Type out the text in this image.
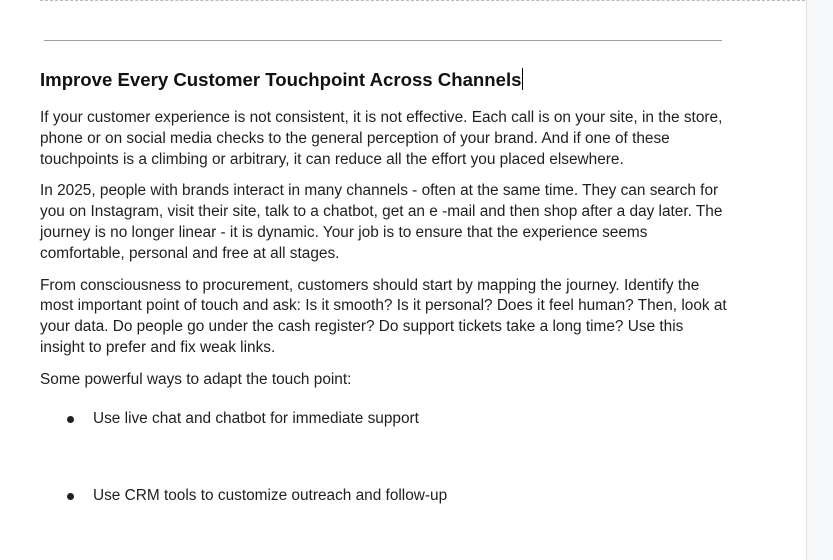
Improve Every Customer Touchpoint Across Channels

If your customer experience is not consistent, it is not effective. Each call is on your site, in the store, phone or on social media checks to the general perception of your brand. And if one of these touchpoints is a climbing or arbitrary, it can reduce all the effort you placed elsewhere.

In 2025, people with brands interact in many channels - often at the same time. They can search for you on Instagram, visit their site, talk to a chatbot, get an e -mail and then shop after a day later. The journey is no longer linear - it is dynamic. Your job is to ensure that the experience seems comfortable, personal and free at all stages.

From consciousness to procurement, customers should start by mapping the journey. Identify the most important point of touch and ask: Is it smooth? Is it personal? Does it feel human? Then, look at your data. Do people go under the cash register? Do support tickets take a long time? Use this insight to prefer and fix weak links.

Some powerful ways to adapt the touch point:

Use live chat and chatbot for immediate support
Use CRM tools to customize outreach and follow-up
